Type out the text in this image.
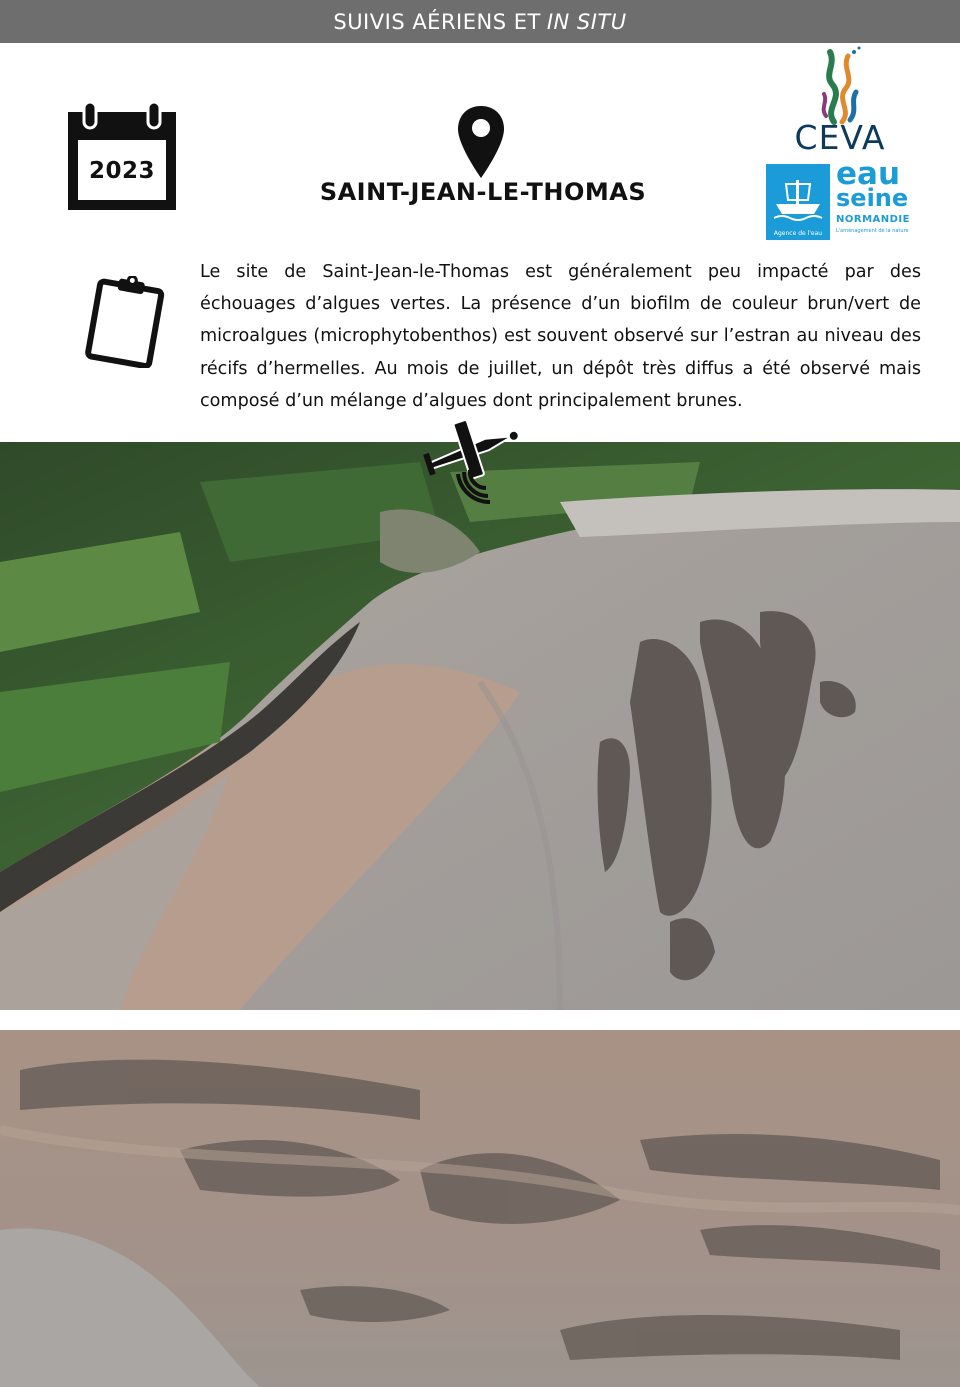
SUIVIS AÉRIENS ET IN SITU
2023
SAINT-JEAN-LE-THOMAS
CEVA
Agence de l'eau
eau
seine
NORMANDIE
L'aménagement de la nature

Le site de Saint-Jean-le-Thomas est généralement peu impacté par des échouages d’algues vertes. La présence d’un biofilm de couleur brun/vert de microalgues (microphytobenthos) est souvent observé sur l’estran au niveau des récifs d’hermelles. Au mois de juillet, un dépôt très diffus a été observé mais composé d’un mélange d’algues dont principalement brunes.
